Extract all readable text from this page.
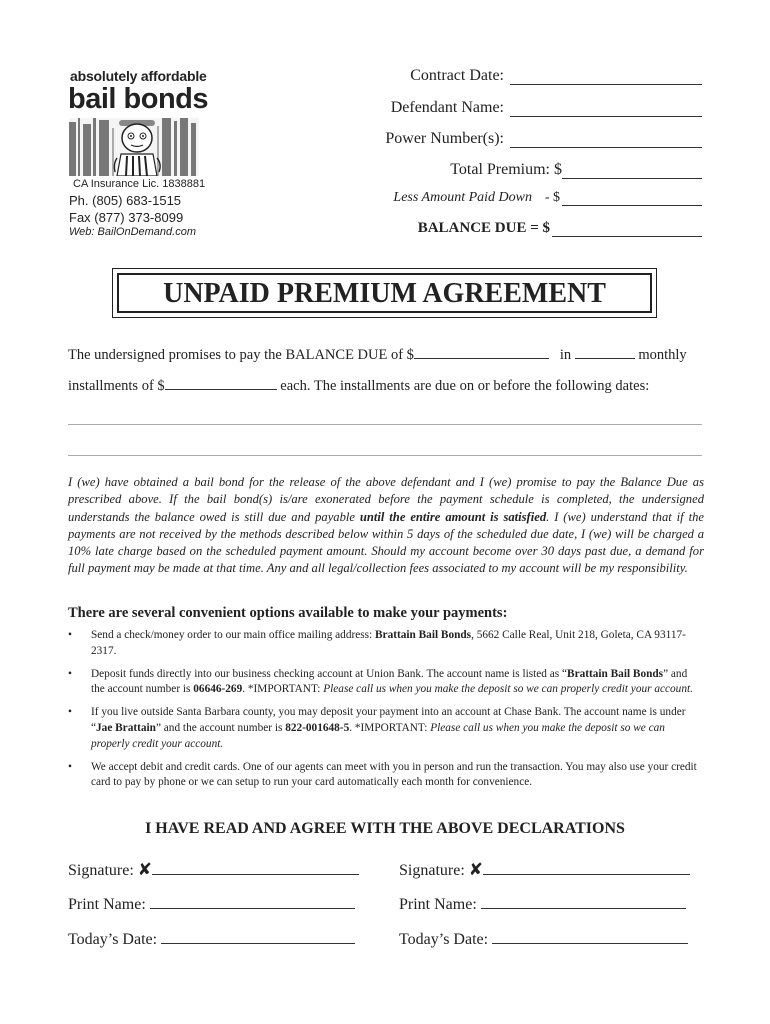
absolutely affordable
bail bonds
CA Insurance Lic. 1838881
Ph. (805) 683-1515
Fax (877) 373-8099
Web: BailOnDemand.com
Contract Date:
Defendant Name:
Power Number(s):
Total Premium: $
Less Amount Paid Down - $
BALANCE DUE = $
UNPAID PREMIUM AGREEMENT
The undersigned promises to pay the BALANCE DUE of $	in	monthly
installments of $	each. The installments are due on or before the following dates:
I (we) have obtained a bail bond for the release of the above defendant and I (we) promise to pay the Balance Due as prescribed above. If the bail bond(s) is/are exonerated before the payment schedule is completed, the undersigned understands the balance owed is still due and payable until the entire amount is satisfied. I (we) understand that if the payments are not received by the methods described below within 5 days of the scheduled due date, I (we) will be charged a 10% late charge based on the scheduled payment amount. Should my account become over 30 days past due, a demand for full payment may be made at that time. Any and all legal/collection fees associated to my account will be my responsibility.
There are several convenient options available to make your payments:
• Send a check/money order to our main office mailing address: Brattain Bail Bonds, 5662 Calle Real, Unit 218, Goleta, CA 93117-2317.
• Deposit funds directly into our business checking account at Union Bank. The account name is listed as “Brattain Bail Bonds” and the account number is 06646-269. *IMPORTANT: Please call us when you make the deposit so we can properly credit your account.
• If you live outside Santa Barbara county, you may deposit your payment into an account at Chase Bank. The account name is under “Jae Brattain” and the account number is 822-001648-5. *IMPORTANT: Please call us when you make the deposit so we can properly credit your account.
• We accept debit and credit cards. One of our agents can meet with you in person and run the transaction. You may also use your credit card to pay by phone or we can setup to run your card automatically each month for convenience.
I HAVE READ AND AGREE WITH THE ABOVE DECLARATIONS
Signature: ✘
Print Name:
Today’s Date:
Signature: ✘
Print Name:
Today’s Date:
